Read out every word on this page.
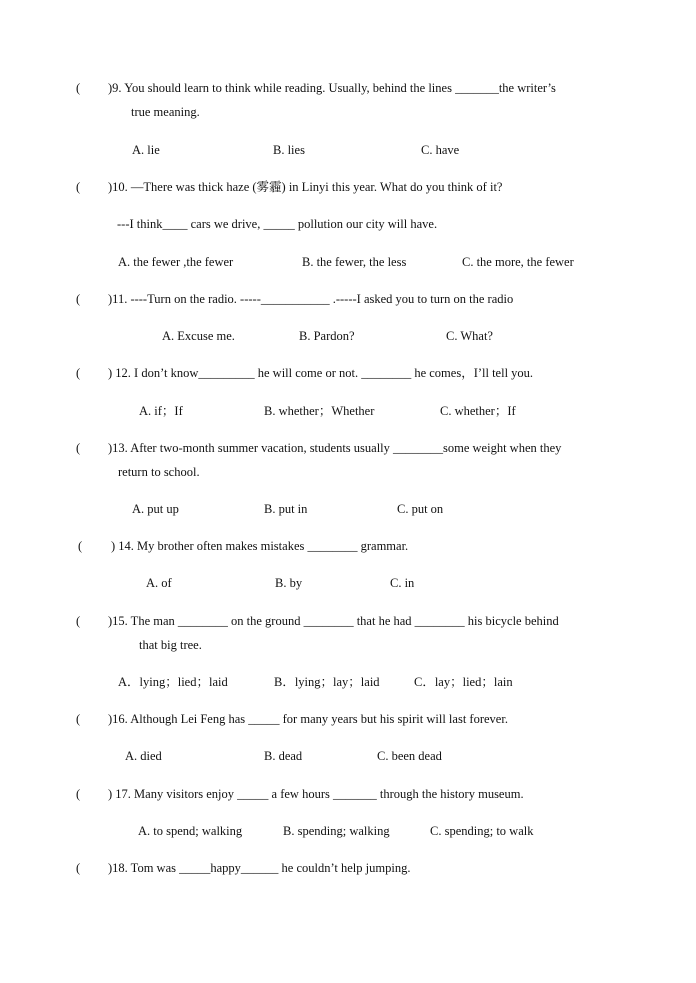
( )9. You should learn to think while reading. Usually, behind the lines _______the writer’s
true meaning.
A. lie	B. lies	C. have
( )10. —There was thick haze (雾霾) in Linyi this year. What do you think of it?
---I think____ cars we drive, _____ pollution our city will have.
A. the fewer ,the fewer	B. the fewer, the less	C. the more, the fewer
( )11. ----Turn on the radio. -----___________ .-----I asked you to turn on the radio
A. Excuse me.	B. Pardon?	C. What?
( ) 12. I don’t know_________ he will come or not. ________ he comes，I’ll tell you.
A. if；If	B. whether；Whether	C. whether；If
( )13. After two-month summer vacation, students usually ________some weight when they
return to school.
A. put up	B. put in	C. put on
( ) 14. My brother often makes mistakes ________ grammar.
A. of	B. by	C. in
( )15. The man ________ on the ground ________ that he had ________ his bicycle behind
that big tree.
A．lying；lied；laid	B．lying；lay；laid	C．lay；lied；lain
( )16. Although Lei Feng has _____ for many years but his spirit will last forever.
A. died	B. dead	C. been dead
( ) 17. Many visitors enjoy _____ a few hours _______ through the history museum.
A. to spend; walking	B. spending; walking	C. spending; to walk
( )18. Tom was _____happy______ he couldn’t help jumping.
